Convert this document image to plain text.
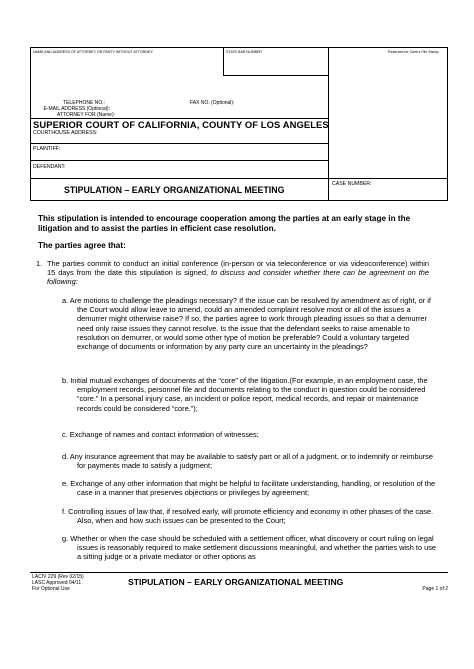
NAME AND ADDRESS OF ATTORNEY OR PARTY WITHOUT ATTORNEY:	STATE BAR NUMBER	Reserved for Clerk's File Stamp
TELEPHONE NO.:	FAX NO. (Optional):
E-MAIL ADDRESS (Optional):
ATTORNEY FOR (Name):
SUPERIOR COURT OF CALIFORNIA, COUNTY OF LOS ANGELES
COURTHOUSE ADDRESS:
PLAINTIFF:
DEFENDANT:
STIPULATION – EARLY ORGANIZATIONAL MEETING
CASE NUMBER:
This stipulation is intended to encourage cooperation among the parties at an early stage in the litigation and to assist the parties in efficient case resolution.
The parties agree that:
1. The parties commit to conduct an initial conference (in-person or via teleconference or via videoconference) within 15 days from the date this stipulation is signed, to discuss and consider whether there can be agreement on the following:
a. Are motions to challenge the pleadings necessary? If the issue can be resolved by amendment as of right, or if the Court would allow leave to amend, could an amended complaint resolve most or all of the issues a demurrer might otherwise raise? If so, the parties agree to work through pleading issues so that a demurrer need only raise issues they cannot resolve. Is the issue that the defendant seeks to raise amenable to resolution on demurrer, or would some other type of motion be preferable? Could a voluntary targeted exchange of documents or information by any party cure an uncertainty in the pleadings?
b. Initial mutual exchanges of documents at the “core” of the litigation.(For example, in an employment case, the employment records, personnel file and documents relating to the conduct in question could be considered “core.” In a personal injury case, an incident or police report, medical records, and repair or maintenance records could be considered “core.”);
c. Exchange of names and contact information of witnesses;
d. Any insurance agreement that may be available to satisfy part or all of a judgment, or to indemnify or reimburse for payments made to satisfy a judgment;
e. Exchange of any other information that might be helpful to facilitate understanding, handling, or resolution of the case in a manner that preserves objections or privileges by agreement;
f. Controlling issues of law that, if resolved early, will promote efficiency and economy in other phases of the case. Also, when and how such issues can be presented to the Court;
g. Whether or when the case should be scheduled with a settlement officer, what discovery or court ruling on legal issues is reasonably required to make settlement discussions meaningful, and whether the parties wish to use a sitting judge or a private mediator or other options as
LACIV 229 (Rev 02/15)
LASC Approved 04/11
For Optional Use
STIPULATION – EARLY ORGANIZATIONAL MEETING
Page 1 of 2
